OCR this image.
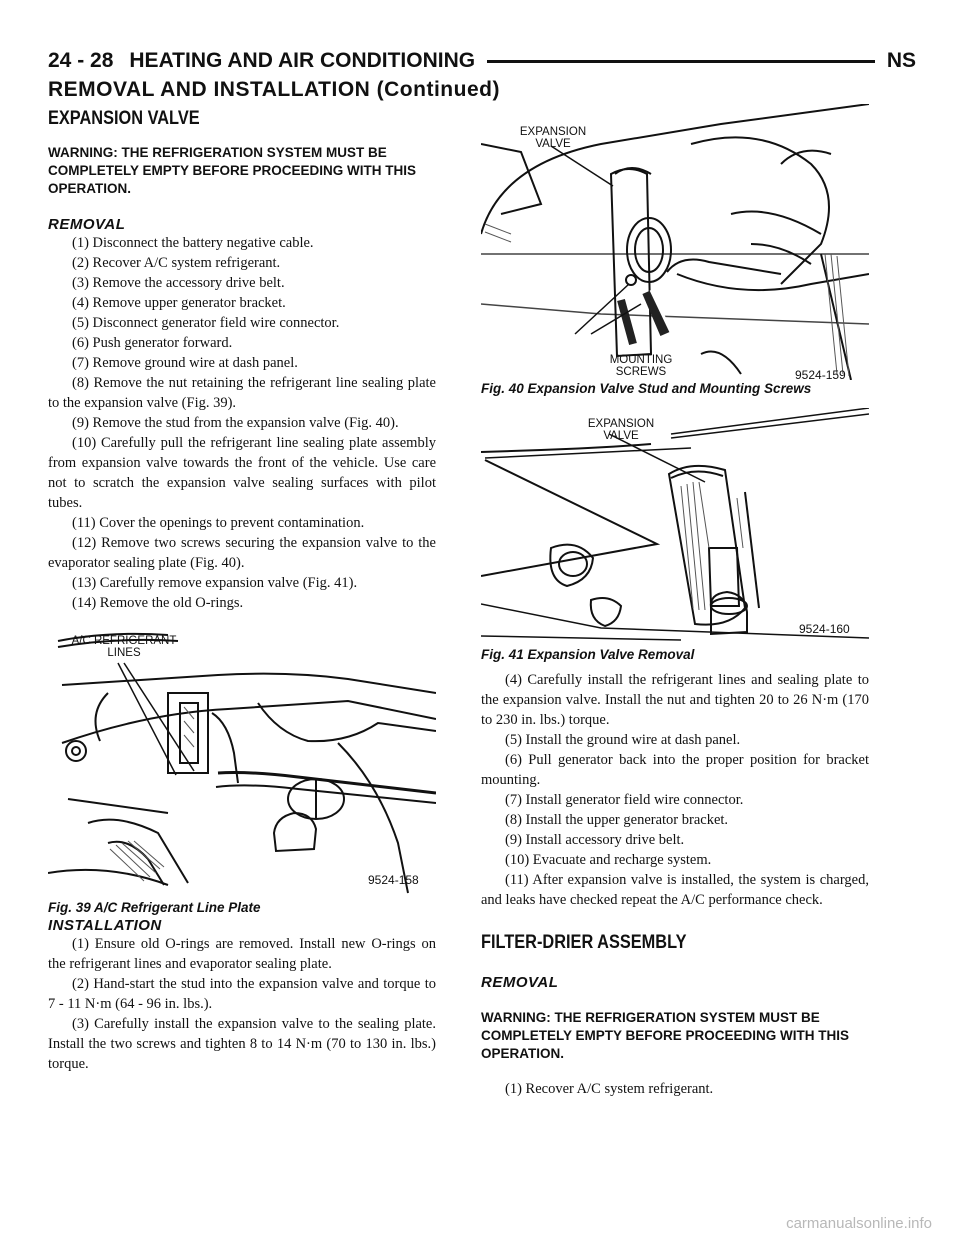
24 - 28 HEATING AND AIR CONDITIONING	NS
REMOVAL AND INSTALLATION (Continued)
EXPANSION VALVE

WARNING: THE REFRIGERATION SYSTEM MUST BE COMPLETELY EMPTY BEFORE PROCEEDING WITH THIS OPERATION.

REMOVAL

(1) Disconnect the battery negative cable.

(2) Recover A/C system refrigerant.

(3) Remove the accessory drive belt.

(4) Remove upper generator bracket.

(5) Disconnect generator field wire connector.

(6) Push generator forward.

(7) Remove ground wire at dash panel.

(8) Remove the nut retaining the refrigerant line sealing plate to the expansion valve (Fig. 39).

(9) Remove the stud from the expansion valve (Fig. 40).

(10) Carefully pull the refrigerant line sealing plate assembly from expansion valve towards the front of the vehicle. Use care not to scratch the expansion valve sealing surfaces with pilot tubes.

(11) Cover the openings to prevent contamination.

(12) Remove two screws securing the expansion valve to the evaporator sealing plate (Fig. 40).

(13) Carefully remove expansion valve (Fig. 41).

(14) Remove the old O-rings.

A/C REFRIGERANT
LINES
9524-158

Fig. 39 A/C Refrigerant Line Plate

INSTALLATION

(1) Ensure old O-rings are removed. Install new O-rings on the refrigerant lines and evaporator sealing plate.

(2) Hand-start the stud into the expansion valve and torque to 7 - 11 N·m (64 - 96 in. lbs.).

(3) Carefully install the expansion valve to the sealing plate. Install the two screws and tighten 8 to 14 N·m (70 to 130 in. lbs.) torque.

EXPANSION
VALVE
MOUNTING
SCREWS	9524-159

Fig. 40 Expansion Valve Stud and Mounting Screws

EXPANSION
VALVE
9524-160

Fig. 41 Expansion Valve Removal

(4) Carefully install the refrigerant lines and sealing plate to the expansion valve. Install the nut and tighten 20 to 26 N·m (170 to 230 in. lbs.) torque.

(5) Install the ground wire at dash panel.

(6) Pull generator back into the proper position for bracket mounting.

(7) Install generator field wire connector.

(8) Install the upper generator bracket.

(9) Install accessory drive belt.

(10) Evacuate and recharge system.

(11) After expansion valve is installed, the system is charged, and leaks have checked repeat the A/C performance check.

FILTER-DRIER ASSEMBLY
REMOVAL

WARNING: THE REFRIGERATION SYSTEM MUST BE COMPLETELY EMPTY BEFORE PROCEEDING WITH THIS OPERATION.

(1) Recover A/C system refrigerant.

carmanualsonline.info
